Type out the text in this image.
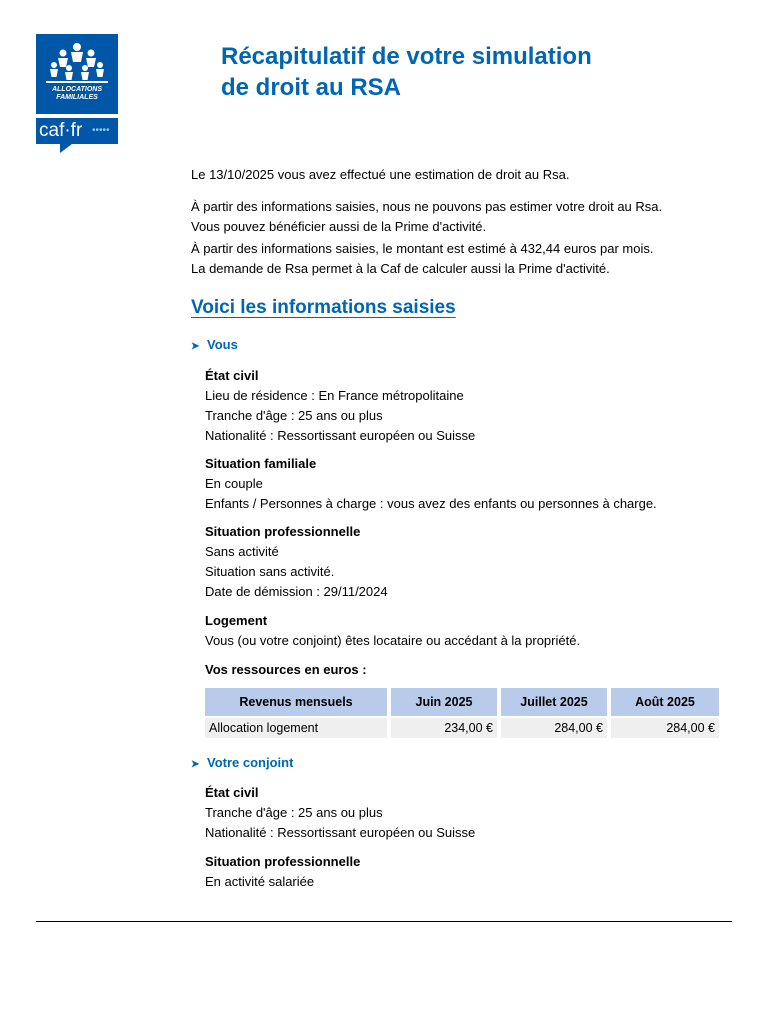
ALLOCATIONS
FAMILIALES
caf·fr •••••
Récapitulatif de votre simulation
de droit au RSA
Le 13/10/2025 vous avez effectué une estimation de droit au Rsa.
À partir des informations saisies, nous ne pouvons pas estimer votre droit au Rsa.
Vous pouvez bénéficier aussi de la Prime d'activité.
À partir des informations saisies, le montant est estimé à 432,44 euros par mois.
La demande de Rsa permet à la Caf de calculer aussi la Prime d'activité.
Voici les informations saisies
➤ Vous
État civil
Lieu de résidence : En France métropolitaine
Tranche d'âge : 25 ans ou plus
Nationalité : Ressortissant européen ou Suisse
Situation familiale
En couple
Enfants / Personnes à charge : vous avez des enfants ou personnes à charge.
Situation professionnelle
Sans activité
Situation sans activité.
Date de démission : 29/11/2024
Logement
Vous (ou votre conjoint) êtes locataire ou accédant à la propriété.
Vos ressources en euros :
Revenus mensuels	Juin 2025	Juillet 2025	Août 2025
Allocation logement	234,00 €	284,00 €	284,00 €
➤ Votre conjoint
État civil
Tranche d'âge : 25 ans ou plus
Nationalité : Ressortissant européen ou Suisse
Situation professionnelle
En activité salariée
